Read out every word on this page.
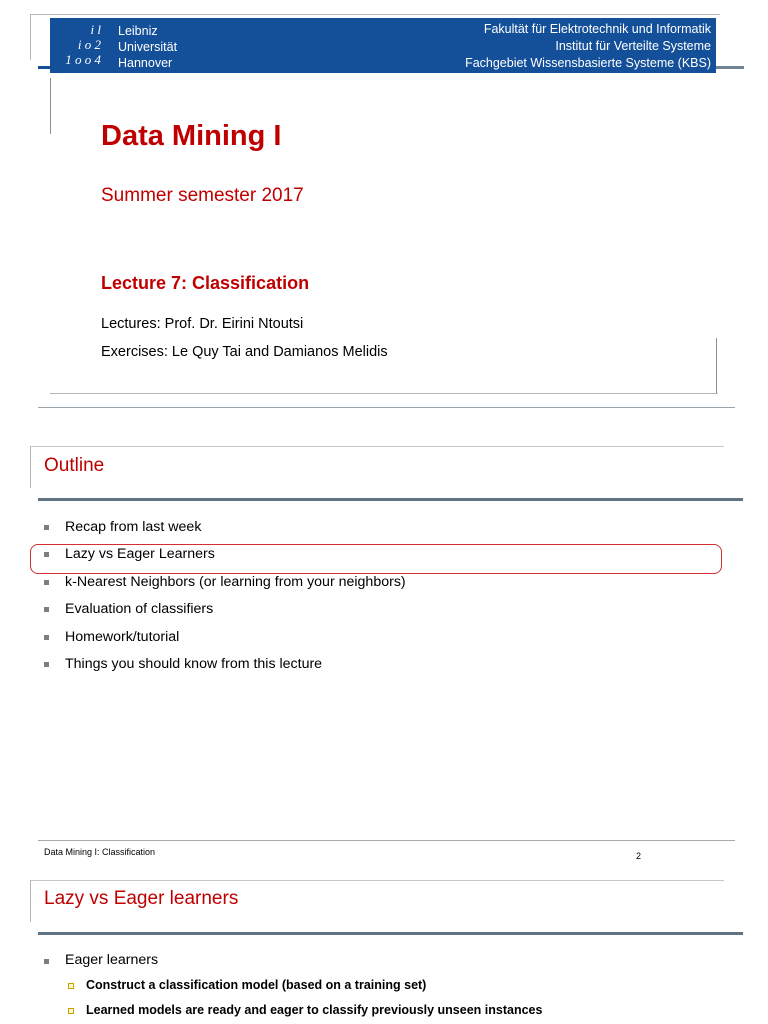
i l
i o 2
1 o o 4
Leibniz
Universität
Hannover
Fakultät für Elektrotechnik und Informatik
Institut für Verteilte Systeme
Fachgebiet Wissensbasierte Systeme (KBS)
Data Mining I
Summer semester 2017
Lecture 7: Classification
Lectures: Prof. Dr. Eirini Ntoutsi
Exercises: Le Quy Tai and Damianos Melidis
Outline
Recap from last week
Lazy vs Eager Learners
k-Nearest Neighbors (or learning from your neighbors)
Evaluation of classifiers
Homework/tutorial
Things you should know from this lecture
Data Mining I: Classification	2
Lazy vs Eager learners
Eager learners
Construct a classification model (based on a training set)
Learned models are ready and eager to classify previously unseen instances
